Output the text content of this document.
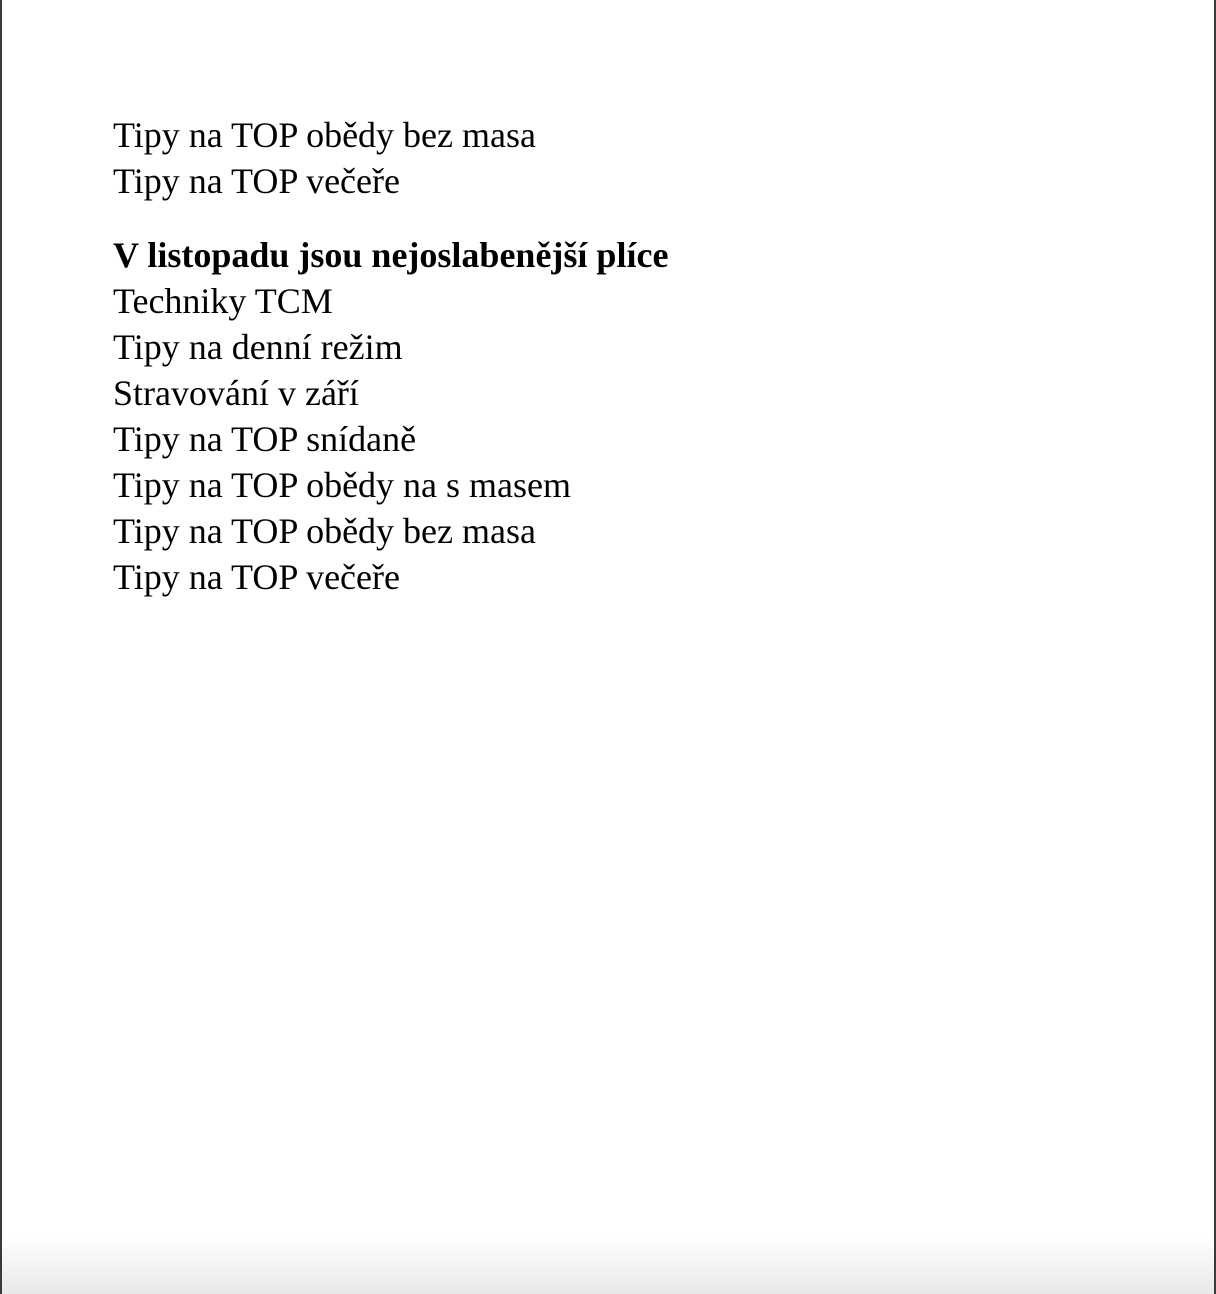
Tipy na TOP obědy bez masa
Tipy na TOP večeře
V listopadu jsou nejoslabenější plíce
Techniky TCM
Tipy na denní režim
Stravování v září
Tipy na TOP snídaně
Tipy na TOP obědy na s masem
Tipy na TOP obědy bez masa
Tipy na TOP večeře
